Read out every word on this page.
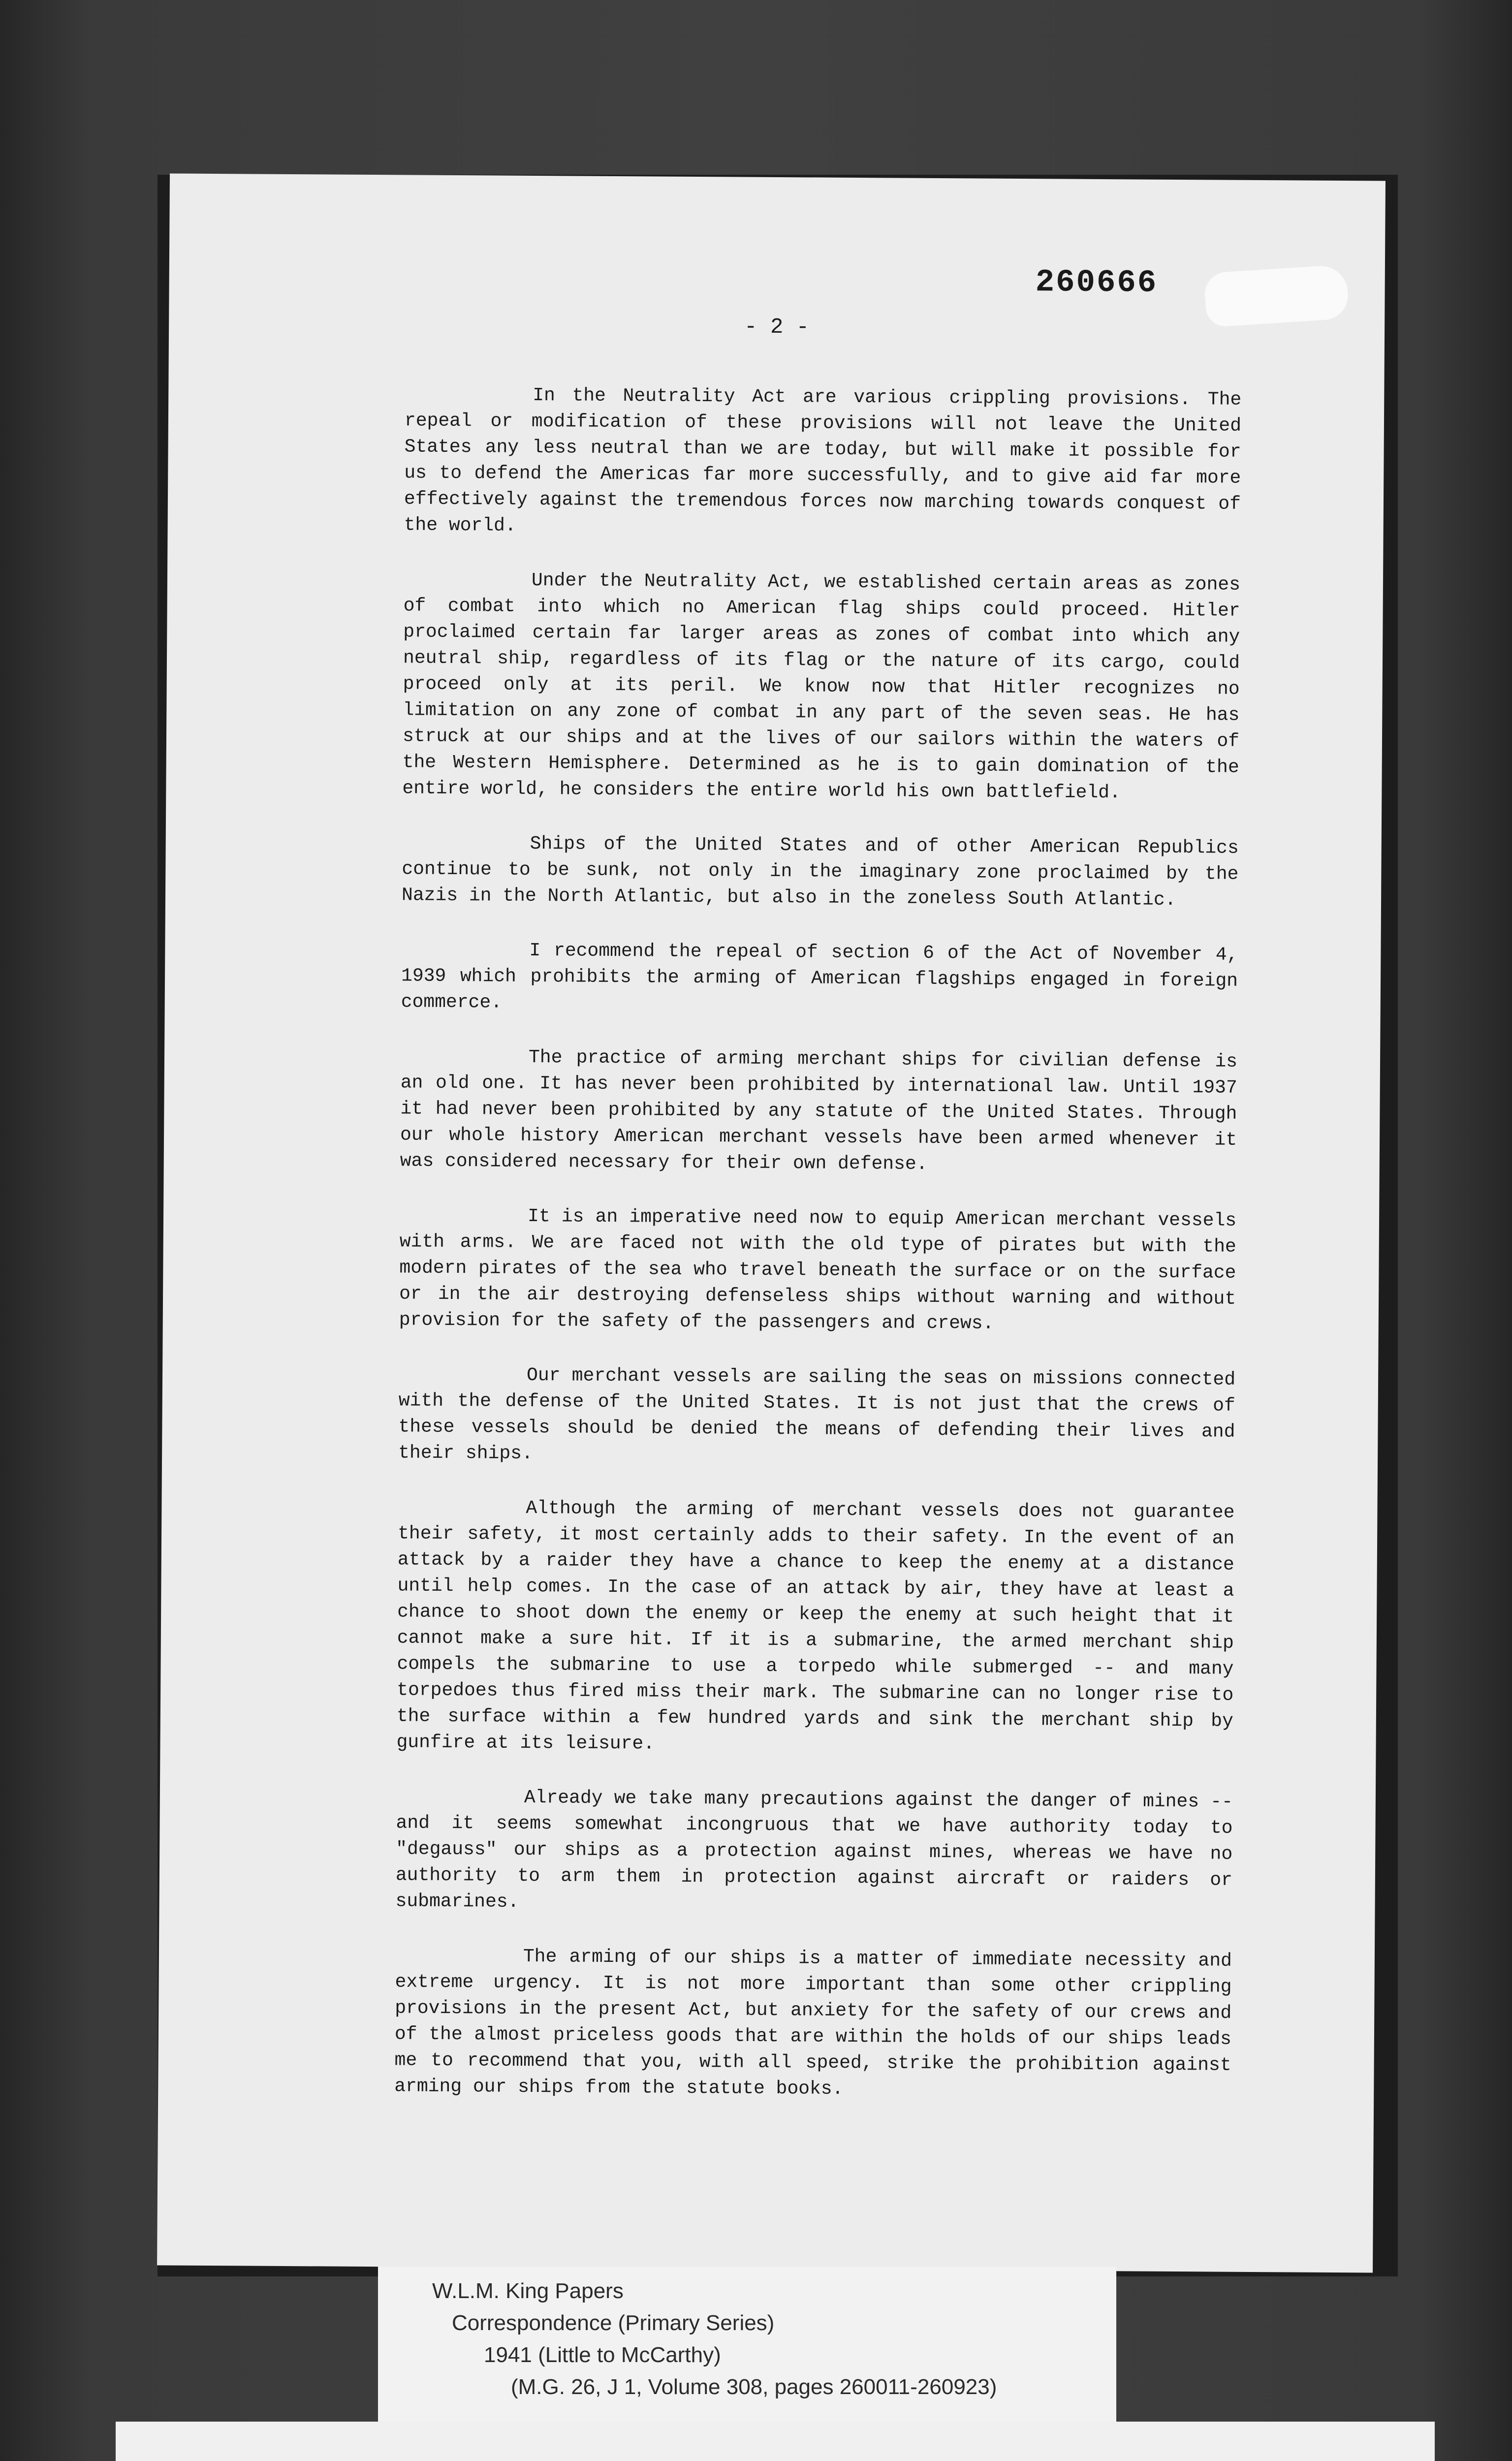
260666
- 2 -

In the Neutrality Act are various crippling provisions. The repeal or modification of these provisions will not leave the United States any less neutral than we are today, but will make it possible for us to defend the Americas far more successfully, and to give aid far more effectively against the tremendous forces now marching towards conquest of the world.

Under the Neutrality Act, we established certain areas as zones of combat into which no American flag ships could proceed. Hitler proclaimed certain far larger areas as zones of combat into which any neutral ship, regardless of its flag or the nature of its cargo, could proceed only at its peril. We know now that Hitler recognizes no limitation on any zone of combat in any part of the seven seas. He has struck at our ships and at the lives of our sailors within the waters of the Western Hemisphere. Determined as he is to gain domination of the entire world, he considers the entire world his own battlefield.

Ships of the United States and of other American Republics continue to be sunk, not only in the imaginary zone proclaimed by the Nazis in the North Atlantic, but also in the zoneless South Atlantic.

I recommend the repeal of section 6 of the Act of November 4, 1939 which prohibits the arming of American flagships engaged in foreign commerce.

The practice of arming merchant ships for civilian defense is an old one. It has never been prohibited by international law. Until 1937 it had never been prohibited by any statute of the United States. Through our whole history American merchant vessels have been armed whenever it was considered necessary for their own defense.

It is an imperative need now to equip American merchant vessels with arms. We are faced not with the old type of pirates but with the modern pirates of the sea who travel beneath the surface or on the surface or in the air destroying defenseless ships without warning and without provision for the safety of the passengers and crews.

Our merchant vessels are sailing the seas on missions connected with the defense of the United States. It is not just that the crews of these vessels should be denied the means of defending their lives and their ships.

Although the arming of merchant vessels does not guarantee their safety, it most certainly adds to their safety. In the event of an attack by a raider they have a chance to keep the enemy at a distance until help comes. In the case of an attack by air, they have at least a chance to shoot down the enemy or keep the enemy at such height that it cannot make a sure hit. If it is a submarine, the armed merchant ship compels the submarine to use a torpedo while submerged -- and many torpedoes thus fired miss their mark. The submarine can no longer rise to the surface within a few hundred yards and sink the merchant ship by gunfire at its leisure.

Already we take many precautions against the danger of mines -- and it seems somewhat incongruous that we have authority today to "degauss" our ships as a protection against mines, whereas we have no authority to arm them in protection against aircraft or raiders or submarines.

The arming of our ships is a matter of immediate necessity and extreme urgency. It is not more important than some other crippling provisions in the present Act, but anxiety for the safety of our crews and of the almost priceless goods that are within the holds of our ships leads me to recommend that you, with all speed, strike the prohibition against arming our ships from the statute books.

W.L.M. King Papers
Correspondence (Primary Series)
1941 (Little to McCarthy)
(M.G. 26, J 1, Volume 308, pages 260011-260923)
